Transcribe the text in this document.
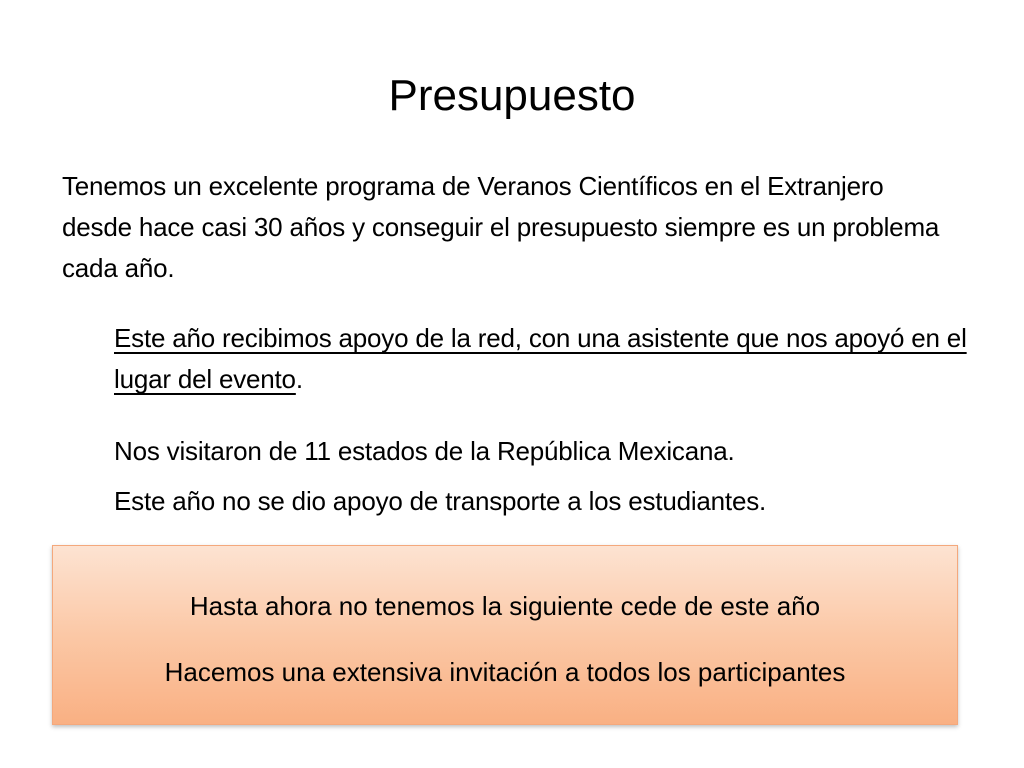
Presupuesto
Tenemos un excelente programa de Veranos Científicos en el Extranjero desde hace casi 30 años y conseguir el presupuesto siempre es un problema cada año.
Este año recibimos apoyo de la red, con una asistente que nos apoyó en el lugar del evento.
Nos visitaron de 11 estados de la República Mexicana.
Este año no se dio apoyo de transporte a los estudiantes.
Hasta ahora no tenemos la siguiente cede de este año
Hacemos una extensiva invitación a todos los participantes
